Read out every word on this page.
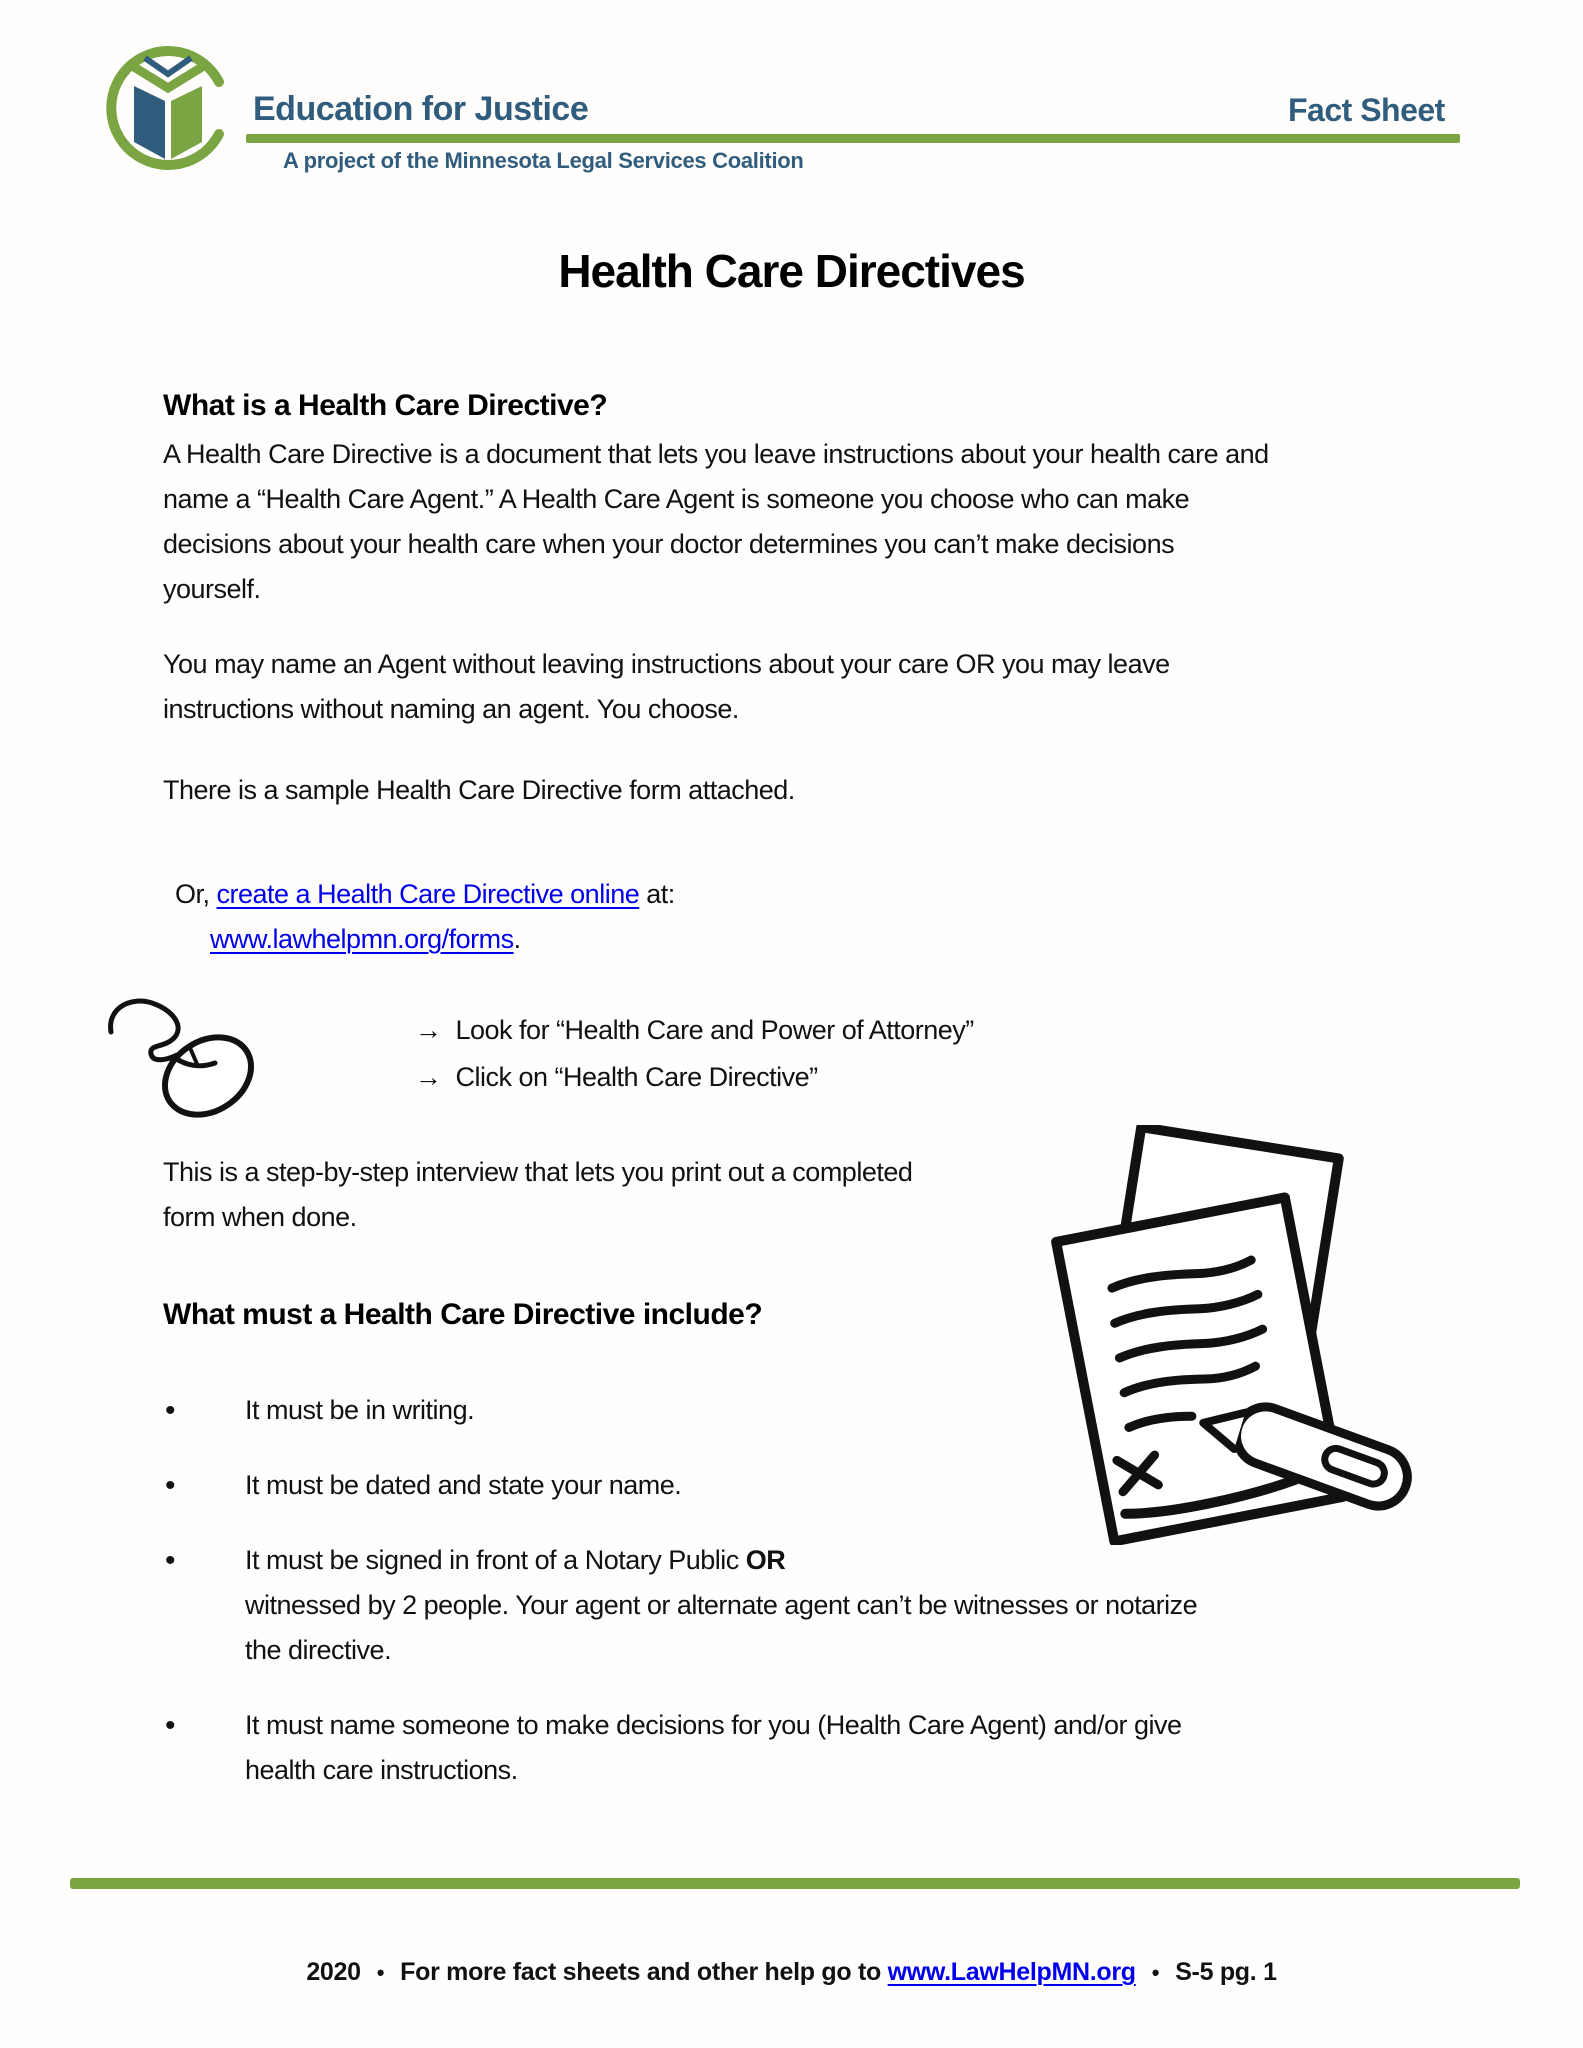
Education for Justice
A project of the Minnesota Legal Services Coalition
Fact Sheet
Health Care Directives
What is a Health Care Directive?
A Health Care Directive is a document that lets you leave instructions about your health care and name a “Health Care Agent.” A Health Care Agent is someone you choose who can make decisions about your health care when your doctor determines you can’t make decisions yourself.
You may name an Agent without leaving instructions about your care OR you may leave instructions without naming an agent. You choose.
There is a sample Health Care Directive form attached.
Or, create a Health Care Directive online at:
www.lawhelpmn.org/forms.
→ Look for “Health Care and Power of Attorney”
→ Click on “Health Care Directive”
This is a step-by-step interview that lets you print out a completed form when done.
What must a Health Care Directive include?
• It must be in writing.
• It must be dated and state your name.
• It must be signed in front of a Notary Public OR
witnessed by 2 people. Your agent or alternate agent can’t be witnesses or notarize the directive.
• It must name someone to make decisions for you (Health Care Agent) and/or give health care instructions.
2020 • For more fact sheets and other help go to www.LawHelpMN.org • S-5 pg. 1
